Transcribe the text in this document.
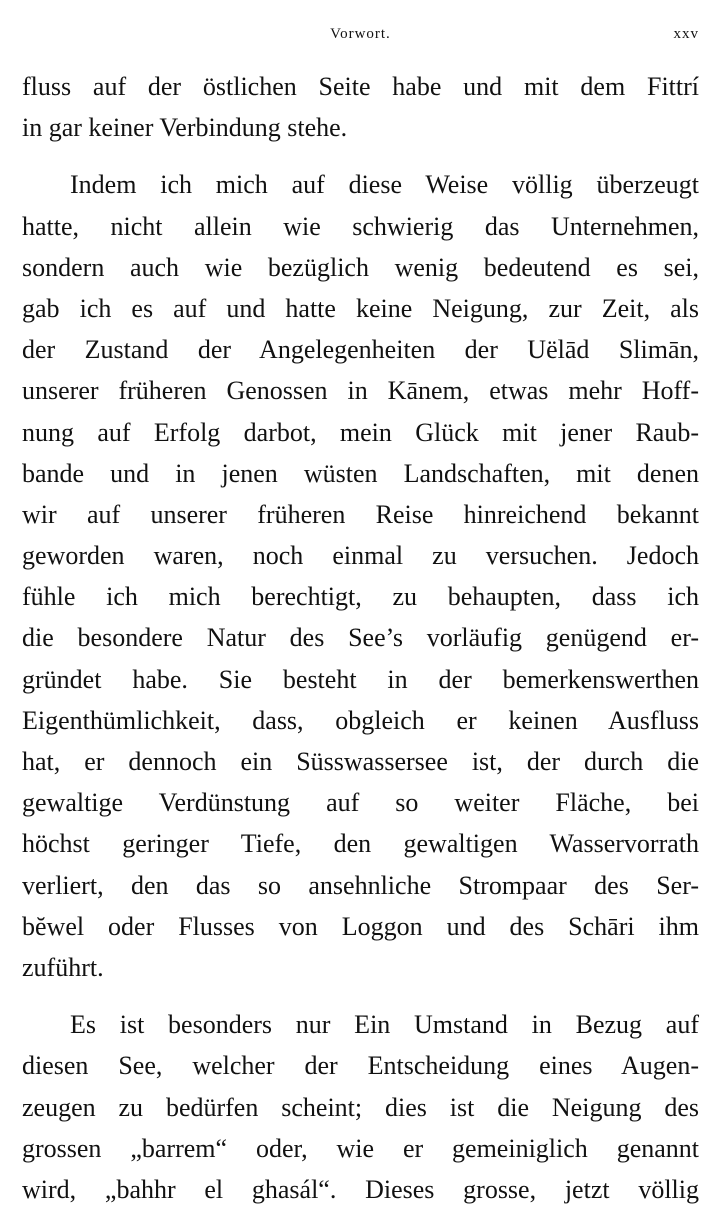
Vorwort.	xxv
fluss auf der östlichen Seite habe und mit dem Fittrí
in gar keiner Verbindung stehe.
Indem ich mich auf diese Weise völlig überzeugt
hatte, nicht allein wie schwierig das Unternehmen,
sondern auch wie bezüglich wenig bedeutend es sei,
gab ich es auf und hatte keine Neigung, zur Zeit, als
der Zustand der Angelegenheiten der Uëlād Slimān,
unserer früheren Genossen in Kānem, etwas mehr Hoff-
nung auf Erfolg darbot, mein Glück mit jener Raub-
bande und in jenen wüsten Landschaften, mit denen
wir auf unserer früheren Reise hinreichend bekannt
geworden waren, noch einmal zu versuchen. Jedoch
fühle ich mich berechtigt, zu behaupten, dass ich
die besondere Natur des See’s vorläufig genügend er-
gründet habe. Sie besteht in der bemerkenswerthen
Eigenthümlichkeit, dass, obgleich er keinen Ausfluss
hat, er dennoch ein Süsswassersee ist, der durch die
gewaltige Verdünstung auf so weiter Fläche, bei
höchst geringer Tiefe, den gewaltigen Wasservorrath
verliert, den das so ansehnliche Strompaar des Ser-
bĕwel oder Flusses von Loggon und des Schāri ihm
zuführt.
Es ist besonders nur Ein Umstand in Bezug auf
diesen See, welcher der Entscheidung eines Augen-
zeugen zu bedürfen scheint; dies ist die Neigung des
grossen „barrem“ oder, wie er gemeiniglich genannt
wird, „bahhr el ghasál“. Dieses grosse, jetzt völlig
